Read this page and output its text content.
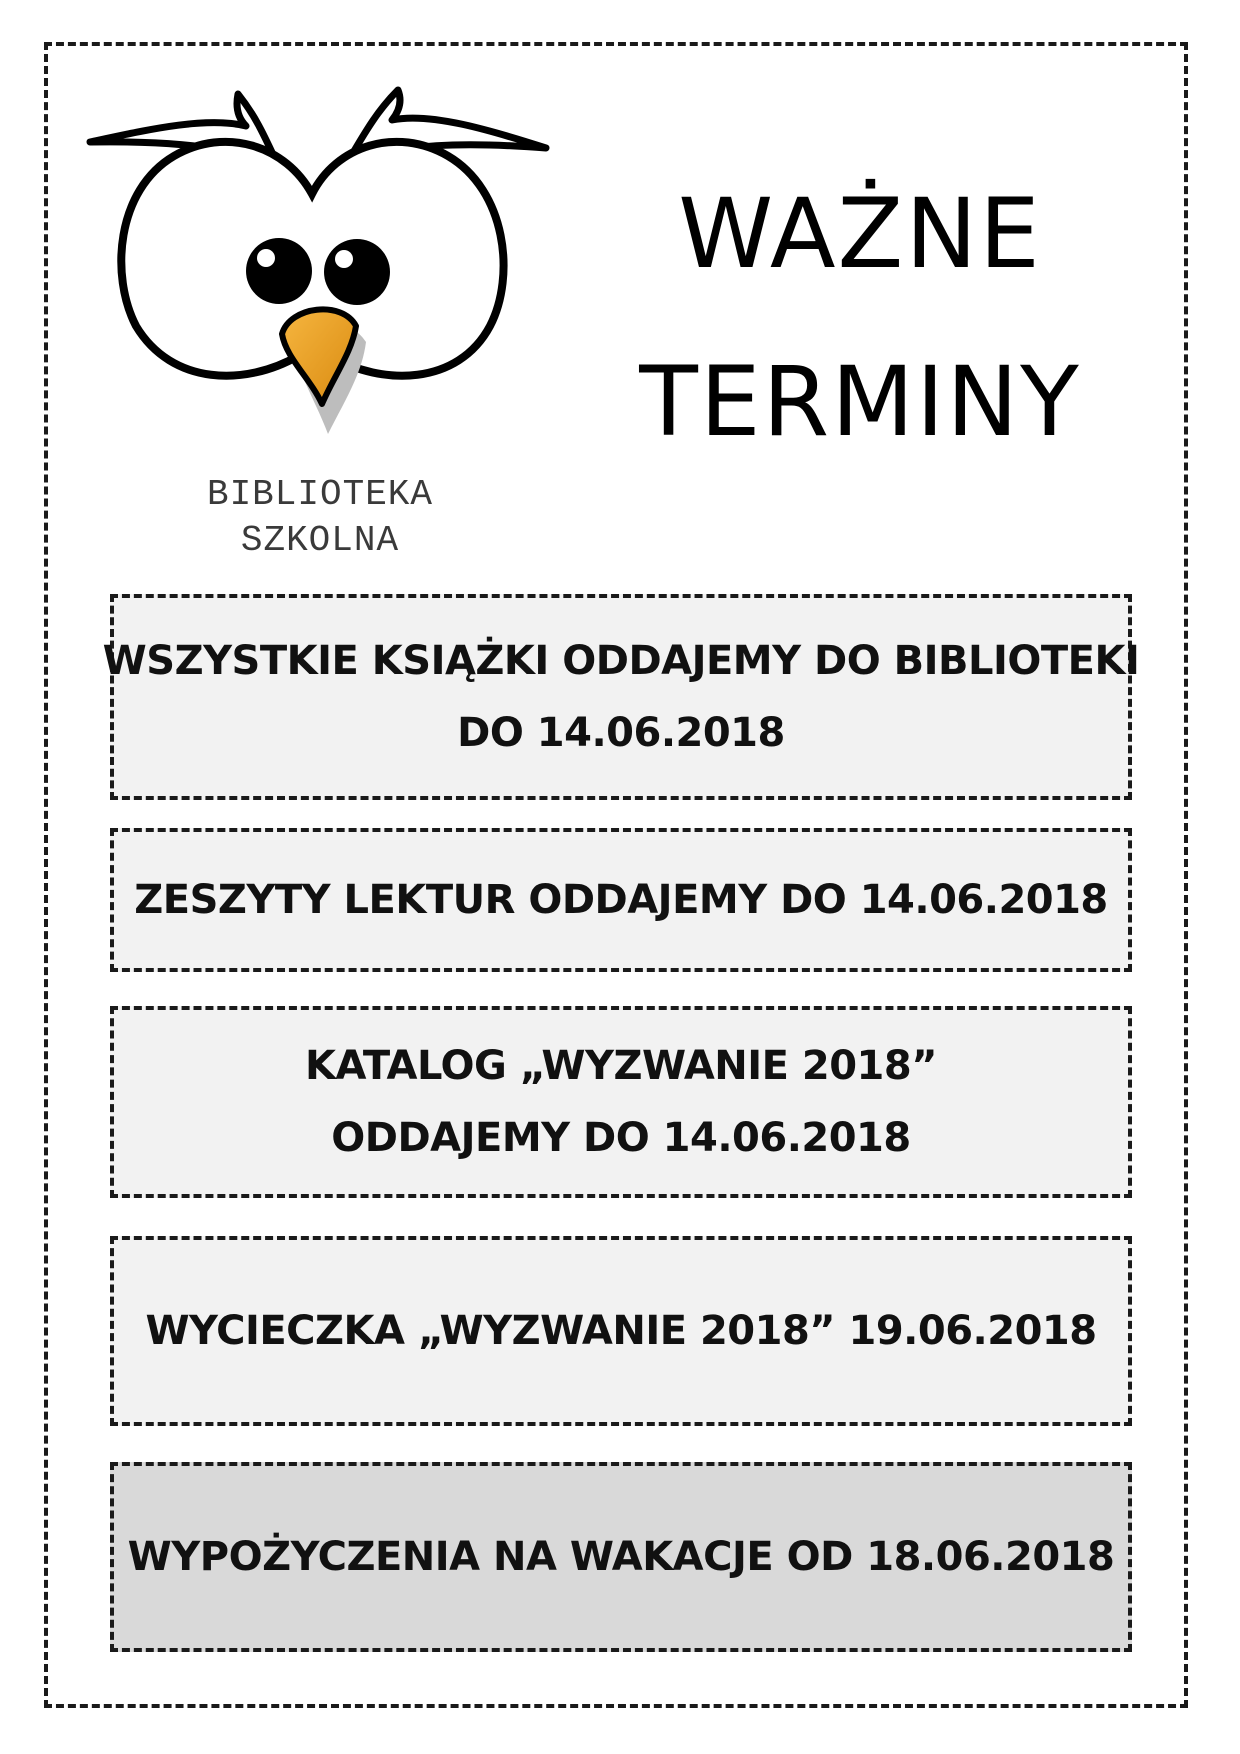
BIBLIOTEKA
SZKOLNA
WAŻNE
TERMINY
WSZYSTKIE KSIĄŻKI ODDAJEMY DO BIBLIOTEKI
DO 14.06.2018
ZESZYTY LEKTUR ODDAJEMY DO 14.06.2018
KATALOG „WYZWANIE 2018”
ODDAJEMY DO 14.06.2018
WYCIECZKA „WYZWANIE 2018” 19.06.2018
WYPOŻYCZENIA NA WAKACJE OD 18.06.2018
